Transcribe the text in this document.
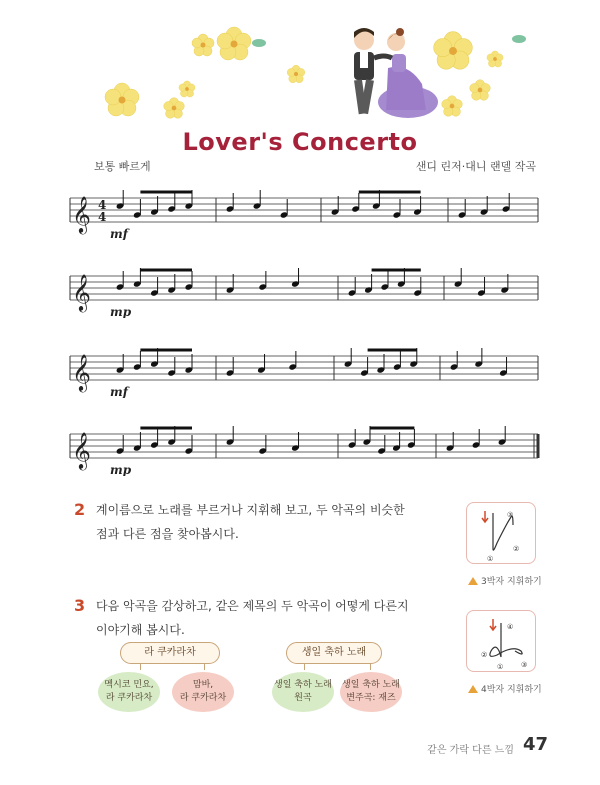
Lover's Concerto
보통 빠르게	샌디 린저·대니 랜델 작곡
𝄞 4
4
mf
𝄞
mp
𝄞
mf
𝄞
mp
2 계이름으로 노래를 부르거나 지휘해 보고, 두 악곡의 비슷한
점과 다른 점을 찾아봅시다.
3 다음 악곡을 감상하고, 같은 제목의 두 악곡이 어떻게 다른지
이야기해 봅시다.
①
②
③
①
②
③
④
3박자 지휘하기
4박자 지휘하기
라 쿠카라차
멕시코 민요,
라 쿠카라차
맘바,
라 쿠카라차
생일 축하 노래
생일 축하 노래
원곡
생일 축하 노래
변주곡: 재즈
같은 가락 다른 느낌 47
